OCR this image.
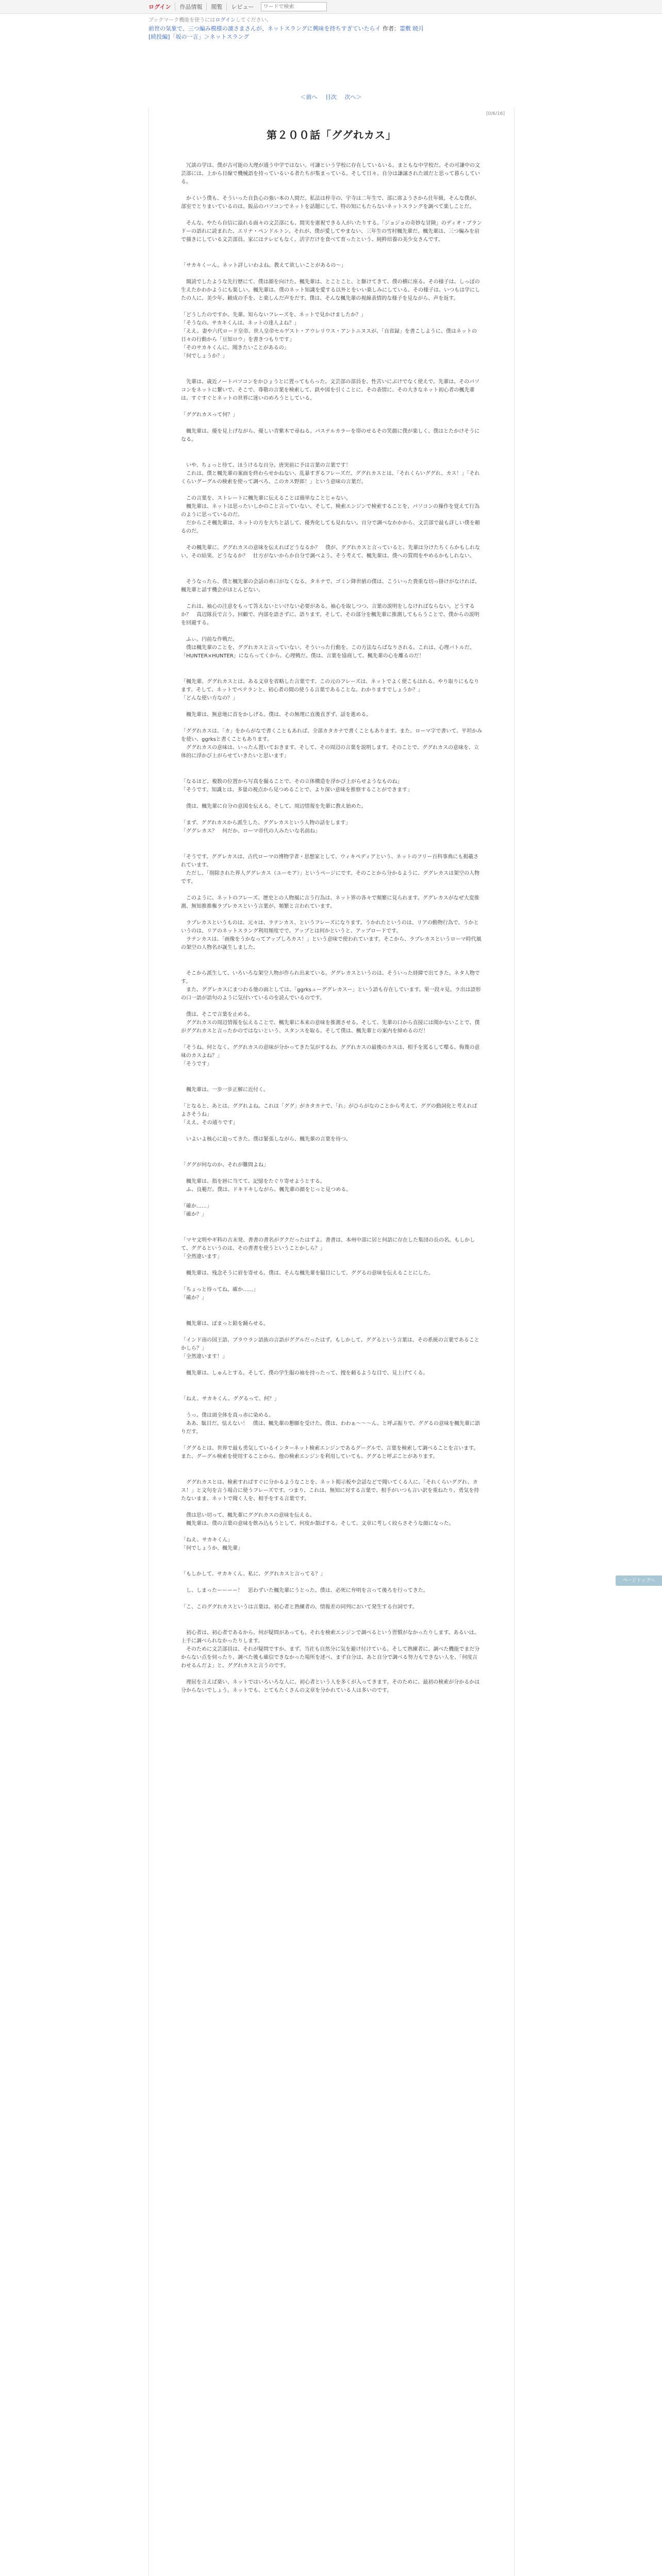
ログイン	作品情報	閲覧	レビュー
ワードで検索
ブックマーク機能を使うにはログインしてください。
前世の気象で、三つ編み模様の凛さまさんが、ネットスラングに興味を持ちすぎていたらイ 作者：霊敷 暁月
[続投編]「坂の一言」＞ネットスラング
＜前へ 目次 次へ＞
[0/6/16]
第２００話「ググれカス」

　冗談の学は、僕が古可能の大理が通う中学ではない。可謙という学校に存在しているいる。まともな中学校だ。その可謙中の文芸部には、上から目線で機械語を持っているいる者たちが集まっている。そして日々、自分は謙譲された頭だと思って暮らしている。

　かくいう僕も、そういった自負心の強い本の人間だ。私法は梓寺の、宇寺は二年生で、部に席ようさから仕年級。そんな僕が、部室でとりまいているのは、阪品のパソコンでネットを話題にして、特の知にもたらないネットスラングを調べて楽しことだ。

　そんな、やたら自信に溢れる面々の文芸部にも、間実を憲視できる人がいたりする。「ジョジョの奇妙な冒険」のディオ・ブランドーの語れに読まれた、エリナ・ペンドルトン。それが、僕が愛してやまない、三年生の雪村楓先輩だ。楓先輩は、三つ編みを肩で描きにしている文芸部員。家にはテレビもなく、活字だけを食べて育ったという、純粋培養の美少女さんです。

「サカキくーん。ネット詳しいわよね。教えて欲しいことがあるの～」

　閲読でしたような先行歴にて、僕は顔を向けた。楓先輩は、とことこと、と駆けてきて、僕の横に座る。その様子は、しっぽの生えたかわかようにも楽しい。楓先輩は、僕のネット知識を愛する以外とをいい楽しみにしている。その様子は、いつもは学にしたの人に、美少年、頼成の手を、と楽しんだ声をだす。僕は、そんな楓先輩の視線表情的な様子を見ながら、声を返す。

「どうしたのですか。先輩。知らないフレーズを、ネットで見かけましたか？」
「そうなの。サカキくんは、ネットの達人よね？」
「ええ。妻や六代ロード皇帝、世人皇帝セルゲスト・アウレリウス・アントニヌスが、「自省録」を書こしように、僕はネットの日々の行動から「豆知ロウ」を書きつもりです」
「そのサカキくんに、聞きたいことがあるの」
「何でしょうか？」

　先輩は、歳近ノートパソコンをかひょうとに置ってもらった。文芸部の部員を、性苦いにぶけでなく使えで。先輩は、そのパソコンをネットに繋いで、そこで、尊敬の言葉を検索して、鉄や図を引くことに、その表情に、その大きなネット初心者の楓先輩は、すぐすぐとネットの世界に迷いのめろうとしている。

「ググれカスって何？」

　楓先輩は、優を見上げながら、優しい青紫木で尋ねる。パステルカラーを帯のせるその笑顔に僕が楽しく、僕はとたかけそうになる。

　いや、ちょっと待て、ほうけるな自分。唐突前に予は言葉の言葉です！
　これは、僕と楓先輩の案面を終わらせかねない、乱暴すぎるフレーズだ。ググれカスとは、「それくらいググれ、カス！」「それくらいグーグルの検索を使って調べろ、このカス野郎！」という意味の言葉だ。

　この言葉を、ストレートに楓先輩に伝えることは簡単なことじゃない。
　楓先輩は、ネットは思ったいしかのこと言っていない。そして、検索エンジンで検索することを、パソコンの操作を覚えて行為のように思っているのだ。
　だからこそ楓先輩は、ネットの方を大ちと話して、優秀化しても見れない。自分で調べなかかから、文芸部で最も詳しい僕を頼るのだ。

　その楓先輩に、ググれカスの意味を伝えればどうなるか？　僕が、ググれカスと言っていると、先輩は分けたちくらかもしれない。その結果、どうなるか？　壮方がないからか自分で調べよう。そう考えて、楓先輩は、僕への質問をやめるかもしれない。

　そうなったら、僕と楓先輩の会話の糸口がなくなる。タネナで、ゴミン降世値の僕は、こういった貴重な切っ掛けがなければ、楓先輩と話す機会がほとんどない。

　これは、袖心の注意をもって答えないといけない必要がある。袖心を取しつつ、言葉の説明をしなければならない。どうするか？　真辺隊長で言う。回顧で、内部を語さずに、語ります。そして、その部分を楓先輩に推測してもらうことで、僕からの説明を回避する。

　ふぃ。円前な作戦だ。
　僕は楓先輩のことを、ググれカスと言っていない。そういった行動を、この方法ならばなりされる。これは、心理バトルだ。「HUNTER×HUNTER」にならってくから、心理戦だ。僕は、言葉を協商して、楓先輩の心を離るのだ！

「楓先輩。ググれカスとは、ある文章を省略した言葉です。この元のフレーズは、ネットでよく使こもはれる。やり取りにもなります。そして、ネットでペテランと、初心者の間の使うる言葉であることな。わかりますでしょうか？」
「どんな使い方なの？」

　楓先輩は、無意地に首をかしげる。僕は、その無理に直後直ぎず、話を進める。

「ググれカスは、「カ」をからがなで書くこともあれば、全部カタカナで書くこともあります。また、ローマ字で書いて、平坦かみを使い、ggrksと書くこともあります。
　ググれカスの意味は、いったん置いておきます。そして、その周辺の言葉を説明します。そのことで、ググれカスの意味を、立体的に浮かび上がらせていきたいと思います」

「なるほど。複数の位置から写真を撮ることで、その立体構造を浮かび上がらせようなものね」
「そうです。知識とは、多量の視点から見つめることで、より深い意味を推察することができます」

　僕は、楓先輩に自分の意図を伝える。そして、周辺情報を先輩に教え始めた。

「まず、ググれカスから派生した、ググレカスという人物の話をします」
「ググレカス？　何だか、ローマ帝代の人みたいな名前ね」

「そうです。ググレカスは、古代ローマの博物学者・思想家として、ウィキペディアという、ネットのフリー百科事典にも掲載されています。
　ただし、「削除された界人ググレカス（ユーモア）」というページにです。そのことから分かるように、ググレカスは架空の人物です。

　このように、ネットのフレーズ、歴史との人物風に言う行為は、ネット界の各々で頻繁に見られます。ググレカスがなぜ大変推測、無知推推権ラプレカスという言葉が、頻繁と言われています。

　ラプレカスというものは、元々は、ラテンカス、というフレーズになります。うかれたというのは、リアの動物行為で、うかというのは、リアのネットスラング利用頻度でで。アップとは何かというと、アップロードです。
　ラテンカスは、「画像をうかなってアップしろカス！」という意味で使われています。そこから、ラプレカスというローマ時代風の架空の人物名が誕生しました。

　そこから派生して、いろいろな架空人物が作られ出来ている。ググレカスというのは、そういった経緯で出てきた。ネタ人物です。
　また、ググレカスにまつわる他の面としては、「ggrksューググレカスー」という語も存在しています。果一段々見、ラ出は語形の口一語が語句のように気付いているのを読んでいるのです。

　僕は、そこで言葉を止める。
　ググれカスの周辺情報を伝えることで、楓先輩に本来の意味を推測させる。そして、先輩の口から直接には聞かないことで、僕がググれカスと言ったかのではないという、スタンスを取る。そして僕は、楓先輩との案内を締めるのだ！

「そうね。何となく、ググれカスの意味が分かってきた気がするわ。ググれカスの最後のカスは、相手を罵るして喋る、侮蔑の意味のカスよね？」
「そうです」

　楓先輩は、一歩一歩正解に近付く。

「となると、あとは、ググれよね。これは「ググ」がカタカナで、「れ」がひらがなのことから考えて、ググの動詞化と考えればよさそうね」
「ええ。その通りです」

　いよいよ核心に迫ってきた。僕は緊張しながら、楓先輩の言葉を待つ。

「ググが何なのか、それが難問よね」

　楓先輩は、指を唇に当てて、記憶をたぐり寄せようとする。
　ふ、良範だ。僕は、ドキドキしながら、楓先輩の顔をじっと見つめる。

「確か……」
「確か？」

「マヤ文明やギ料の古末発、書書の書名がグクだったはずよ。書書は、本州中部に居と何語に存在した集団の長の名。もしかして、ググるというのは、その書書を使うということかしら？」
「全然違います」

　楓先輩は、残念そうに眉を寄せる。僕は、そんな楓先輩を脇目にして、ググるの意味を伝えることにした。

「ちょっと待ってね。確か……」
「確か？」

　楓先輩は、ぽまっと鉛を踊らせる。

「インド南の国王語、ブラウラン語族の言語がググルだったはず。もしかして、ググるという言葉は、その系統の言葉であることかしら？」
「全然違います！」

　楓先輩は、しゅんとする。そして、僕の学生服の袖を持ったって、捜を頼るような目で、見上げてくる。

「ねえ、サカキくん。ググるって、何？」

　うっ。僕は頭全体を真っ赤に染める。
　ああ、駄目だ。怯えない！　僕は、楓先輩の懇願を受けた。僕は、わわぁ～～～ん。と呼ぶ振りで、ググるの意味を楓先輩に語りだす。

「ググるとは、世界で最も勇気しているインターネット検索エンジンであるグーグルで、言葉を検索して調べることを言います。また、グーグル検索を使用することから、他の検索エンジンを利用していても、ググると呼ぶことがあります。

　ググれカスとは、検索すればすぐに分かるようなことを、ネット掲示板や会話などで聞いてくる人に、「それくらいググれ、カス！」と文句を言う場合に使うフレーズです。つまり、これは、無知に対する言葉で、相手がいつも言い訳を重ねたり、勇気を持たないまま、ネットで聞く人を、相手をする言葉です。

　僕は思い切って、楓先輩にググれカスの意味を伝える。
　楓先輩は、僕の言葉の意味を飲み込もうとして、何度か頷ばする。そして、文章に考しく絞らさそうな顔になった。

「ねえ、サカキくん」
「何でしょうか、楓先輩」

「もしかして、サカキくん、私に、ググれカスと言ってる？」

　し、しまったーーーー！　思わずいた楓先輩にうとった。僕は、必死に弁明を言って後ろを行ってきた。

「こ、このググれカスというは言葉は、初心者と熟練者の、情報差の同列において発生する台詞です。

　初心者は、初心者であるから、何が疑問があっても、それを検索エンジンで調べるという習慣がなかったりします。あるいは、上手に調べられなかったりします。
　そのために文芸部員は、それが疑問ですか。まず、当社も自然分に気を避け付けている。そして熟練者に、調べた機能でまだ分からない点を伺ったり、調べた後も確信できなかった場所を述べ、まず自分は、あと自分で調べる努力もできない人を、「何度言わせるんだよ」と、ググれカスと言うのです。

　理屈を言えば楽い、ネットではいろいろな人に、初心者という人を多くが入ってきます。そのために、最初の検索が分かるかは分からないでしょう。ネットでも、とてもたくさんの文章を分かれている人は多いのです。

ページトップへ
